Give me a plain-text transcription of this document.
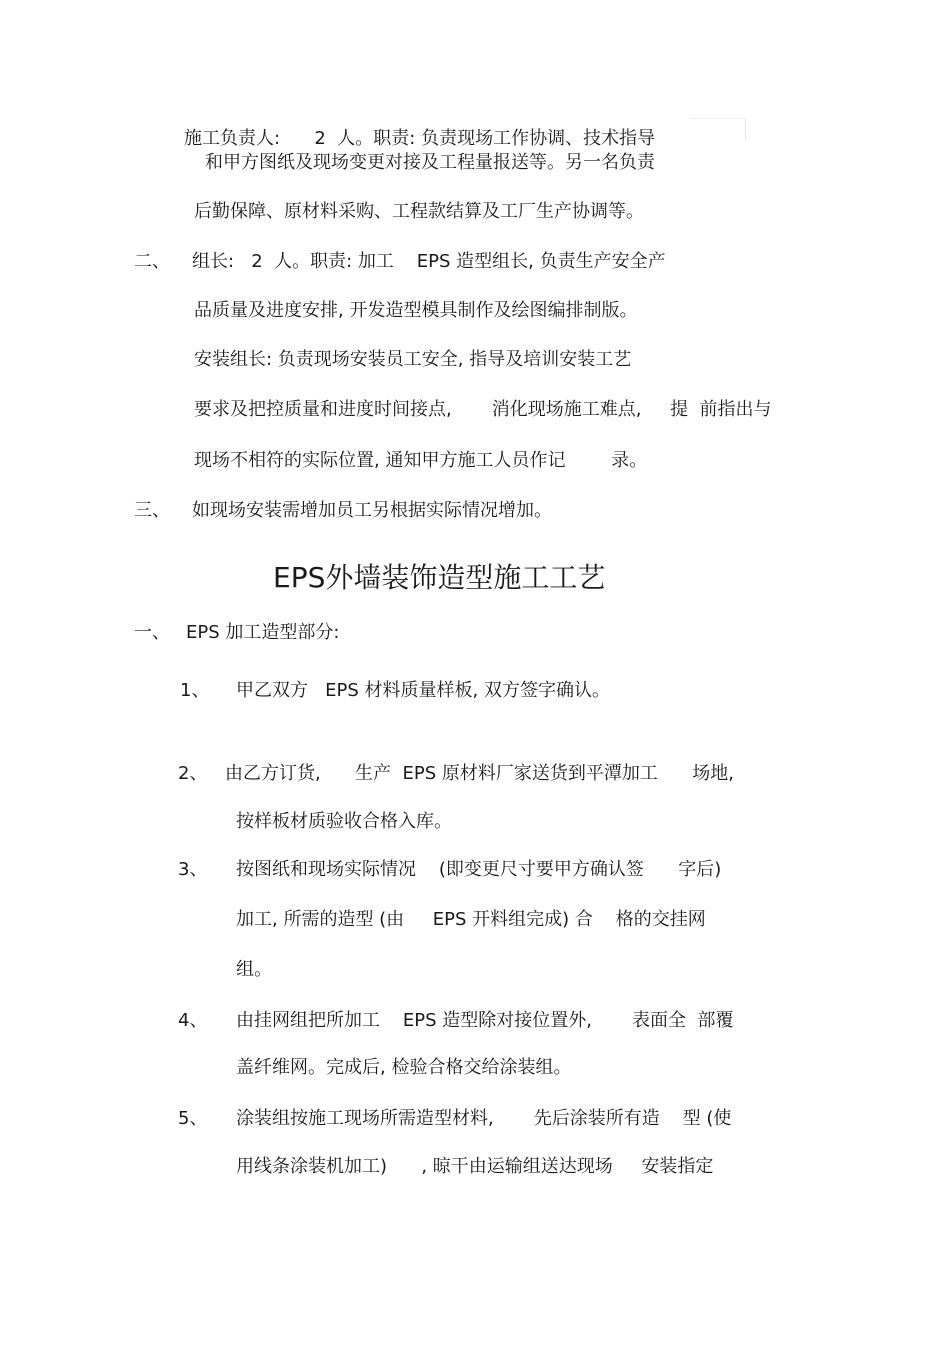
施工负责人:      2  人。职责: 负责现场工作协调、技术指导
和甲方图纸及现场变更对接及工程量报送等。另一名负责
后勤保障、原材料采购、工程款结算及工厂生产协调等。
二、 组长:   2  人。职责: 加工    EPS 造型组长, 负责生产安全产
品质量及进度安排, 开发造型模具制作及绘图编排制版。
安装组长: 负责现场安装员工安全, 指导及培训安装工艺
要求及把控质量和进度时间接点,       消化现场施工难点,     提  前指出与
现场不相符的实际位置, 通知甲方施工人员作记        录。
三、 如现场安装需增加员工另根据实际情况增加。
EPS外墙装饰造型施工工艺
一、 EPS 加工造型部分:
1、 甲乙双方   EPS 材料质量样板, 双方签字确认。
2、 由乙方订货,      生产  EPS 原材料厂家送货到平潭加工      场地,
按样板材质验收合格入库。
3、 按图纸和现场实际情况    (即变更尺寸要甲方确认签      字后)
加工, 所需的造型 (由     EPS 开料组完成) 合    格的交挂网
组。
4、 由挂网组把所加工    EPS 造型除对接位置外,       表面全  部覆
盖纤维网。完成后, 检验合格交给涂装组。
5、 涂装组按施工现场所需造型材料,       先后涂装所有造    型 (使
用线条涂装机加工)      , 晾干由运输组送达现场     安装指定
